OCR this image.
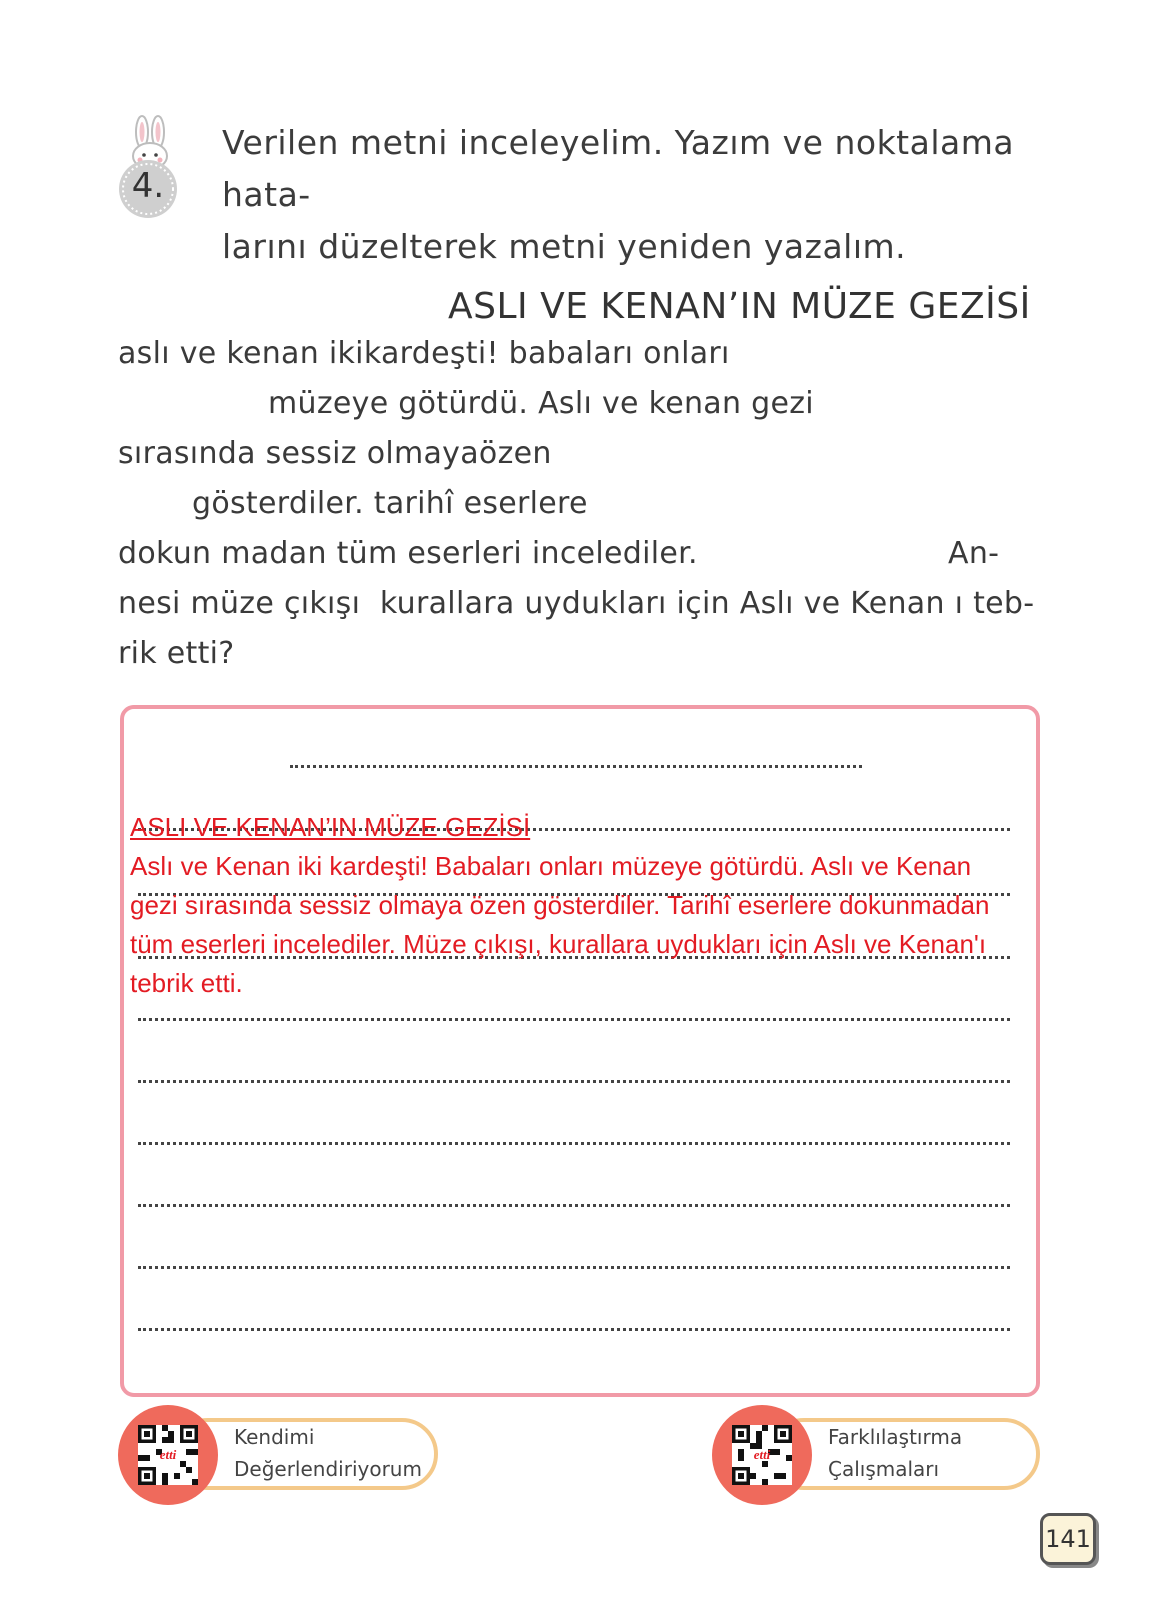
4.
Verilen metni inceleyelim. Yazım ve noktalama hata-
larını düzelterek metni yeniden yazalım.
ASLI VE KENAN’IN MÜZE GEZİSİ
aslı ve kenan ikikardeşti! babaları onları
müzeye götürdü. Aslı ve kenan gezi
sırasında sessiz olmayaözen
gösterdiler. tarihî eserlere
dokun madan tüm eserleri incelediler.	An-
nesi müze çıkışı  kurallara uydukları için Aslı ve Kenan ı teb-
rik etti?
ASLI VE KENAN’IN MÜZE GEZİSİ
Aslı ve Kenan iki kardeşti! Babaları onları müzeye götürdü. Aslı ve Kenan
gezi sırasında sessiz olmaya özen gösterdiler. Tarihî eserlere dokunmadan
tüm eserleri incelediler. Müze çıkışı, kurallara uydukları için Aslı ve Kenan'ı
tebrik etti.
Kendimi
Değerlendiriyorum
etti
Farklılaştırma
Çalışmaları
etti
141
